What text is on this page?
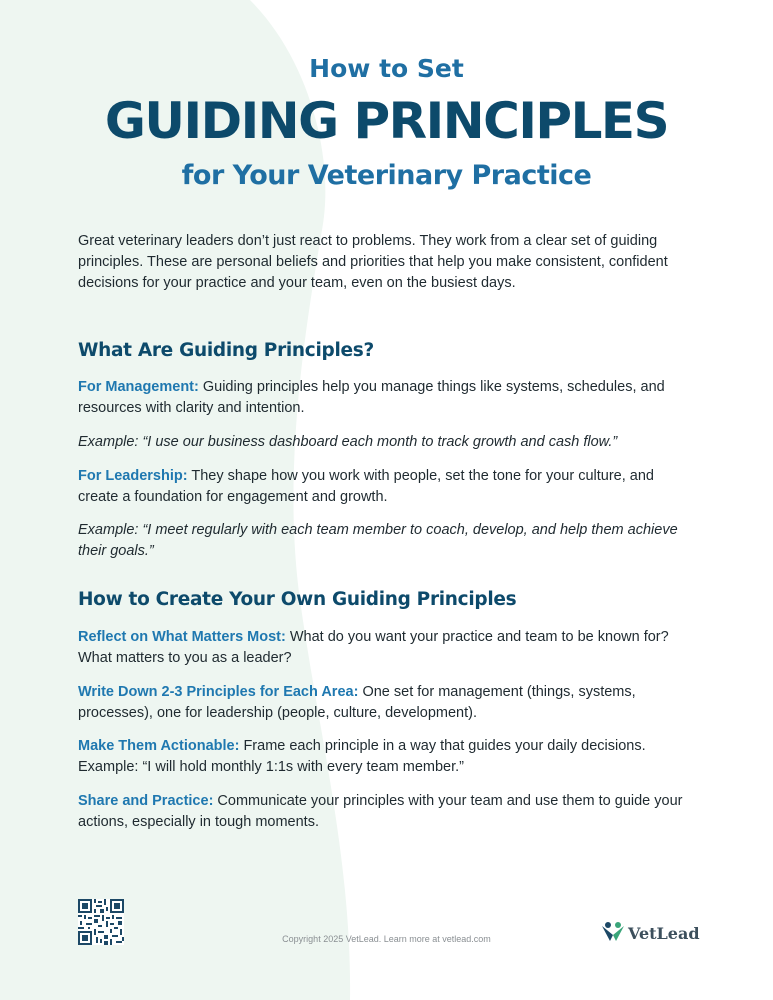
How to Set
GUIDING PRINCIPLES
for Your Veterinary Practice

Great veterinary leaders don’t just react to problems. They work from a clear set of guiding principles. These are personal beliefs and priorities that help you make consistent, confident decisions for your practice and your team, even on the busiest days.

What Are Guiding Principles?

For Management: Guiding principles help you manage things like systems, schedules, and resources with clarity and intention.

Example: “I use our business dashboard each month to track growth and cash flow.”

For Leadership: They shape how you work with people, set the tone for your culture, and create a foundation for engagement and growth.

Example: “I meet regularly with each team member to coach, develop, and help them achieve their goals.”

How to Create Your Own Guiding Principles

Reflect on What Matters Most: What do you want your practice and team to be known for? What matters to you as a leader?

Write Down 2-3 Principles for Each Area: One set for management (things, systems, processes), one for leadership (people, culture, development).

Make Them Actionable: Frame each principle in a way that guides your daily decisions. Example: “I will hold monthly 1:1s with every team member.”

Share and Practice: Communicate your principles with your team and use them to guide your actions, especially in tough moments.

Copyright 2025 VetLead. Learn more at vetlead.com	VetLead
